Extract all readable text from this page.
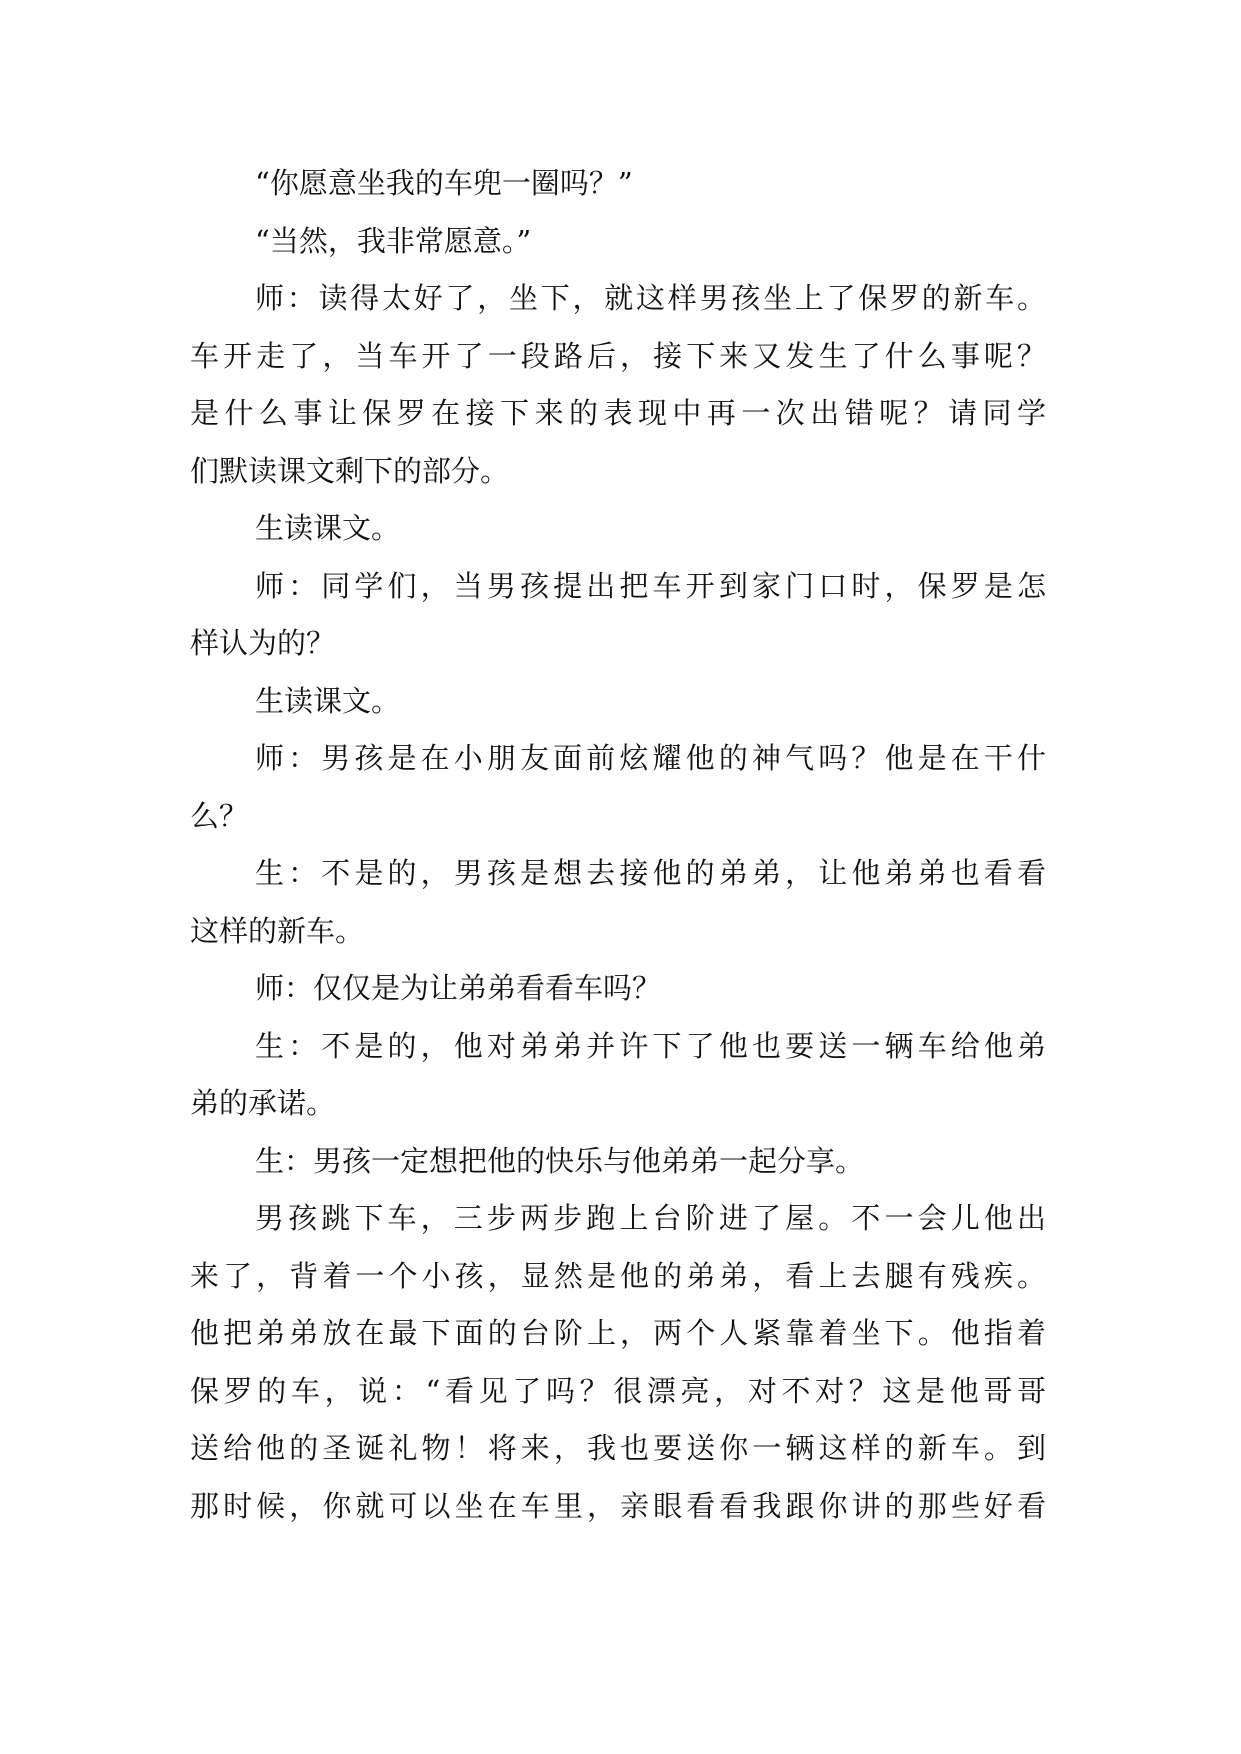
“你愿意坐我的车兜一圈吗？”
“当然，我非常愿意。”
师：读得太好了，坐下，就这样男孩坐上了保罗的新车。
车开走了，当车开了一段路后，接下来又发生了什么事呢？
是什么事让保罗在接下来的表现中再一次出错呢？请同学
们默读课文剩下的部分。
生读课文。
师：同学们，当男孩提出把车开到家门口时，保罗是怎
样认为的？
生读课文。
师：男孩是在小朋友面前炫耀他的神气吗？他是在干什
么？
生：不是的，男孩是想去接他的弟弟，让他弟弟也看看
这样的新车。
师：仅仅是为让弟弟看看车吗？
生：不是的，他对弟弟并许下了他也要送一辆车给他弟
弟的承诺。
生：男孩一定想把他的快乐与他弟弟一起分享。
男孩跳下车，三步两步跑上台阶进了屋。不一会儿他出
来了，背着一个小孩，显然是他的弟弟，看上去腿有残疾。
他把弟弟放在最下面的台阶上，两个人紧靠着坐下。他指着
保罗的车，说：“看见了吗？很漂亮，对不对？这是他哥哥
送给他的圣诞礼物！将来，我也要送你一辆这样的新车。到
那时候，你就可以坐在车里，亲眼看看我跟你讲的那些好看
